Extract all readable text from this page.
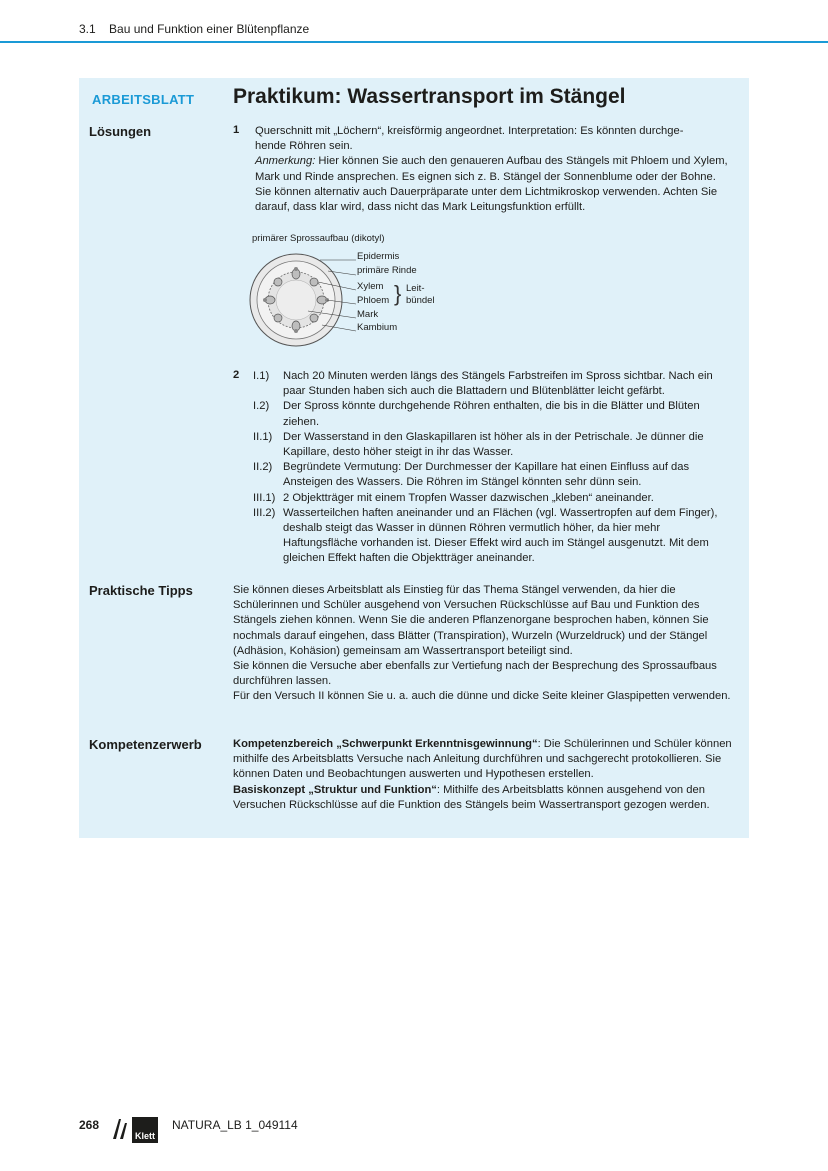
3.1 Bau und Funktion einer Blütenpflanze
ARBEITSBLATT Praktikum: Wassertransport im Stängel
Lösungen
Praktische Tipps
Kompetenzerwerb
1 Querschnitt mit „Löchern“, kreisförmig angeordnet. Interpretation: Es könnten durchge-

hende Röhren sein.

Anmerkung: Hier können Sie auch den genaueren Aufbau des Stängels mit Phloem und Xylem, Mark und Rinde ansprechen. Es eignen sich z. B. Stängel der Sonnenblume oder der Bohne. Sie können alternativ auch Dauerpräparate unter dem Lichtmikroskop verwenden. Achten Sie darauf, dass klar wird, dass nicht das Mark Leitungsfunktion erfüllt.

primärer Sprossaufbau (dikotyl)
Epidermis
primäre Rinde
Xylem
Phloem
Mark
Kambium
} Leit-
bündel
2 I.1)	Nach 20 Minuten werden längs des Stängels Farbstreifen im Spross sichtbar. Nach ein paar Stunden haben sich auch die Blattadern und Blütenblätter leicht gefärbt.
I.2)	Der Spross könnte durchgehende Röhren enthalten, die bis in die Blätter und Blüten ziehen.
II.1) Der Wasserstand in den Glaskapillaren ist höher als in der Petrischale. Je dünner die Kapillare, desto höher steigt in ihr das Wasser.
II.2) Begründete Vermutung: Der Durchmesser der Kapillare hat einen Einfluss auf das Ansteigen des Wassers. Die Röhren im Stängel könnten sehr dünn sein.
III.1) 2 Objektträger mit einem Tropfen Wasser dazwischen „kleben“ aneinander.
III.2) Wasserteilchen haften aneinander und an Flächen (vgl. Wassertropfen auf dem Finger), deshalb steigt das Wasser in dünnen Röhren vermutlich höher, da hier mehr Haftungsfläche vorhanden ist. Dieser Effekt wird auch im Stängel ausgenutzt. Mit dem gleichen Effekt haften die Objektträger aneinander.

Sie können dieses Arbeitsblatt als Einstieg für das Thema Stängel verwenden, da hier die Schülerinnen und Schüler ausgehend von Versuchen Rückschlüsse auf Bau und Funktion des Stängels ziehen können. Wenn Sie die anderen Pflanzenorgane besprochen haben, können Sie nochmals darauf eingehen, dass Blätter (Transpiration), Wurzeln (Wurzeldruck) und der Stängel (Adhäsion, Kohäsion) gemeinsam am Wassertransport beteiligt sind.

Sie können die Versuche aber ebenfalls zur Vertiefung nach der Besprechung des Sprossaufbaus durchführen lassen.

Für den Versuch II können Sie u. a. auch die dünne und dicke Seite kleiner Glaspipetten verwenden.

Kompetenzbereich „Schwerpunkt Erkenntnisgewinnung“: Die Schülerinnen und Schüler können mithilfe des Arbeitsblatts Versuche nach Anleitung durchführen und sachgerecht protokollieren. Sie können Daten und Beobachtungen auswerten und Hypothesen erstellen.

Basiskonzept „Struktur und Funktion“: Mithilfe des Arbeitsblatts können ausgehend von den Versuchen Rückschlüsse auf die Funktion des Stängels beim Wassertransport gezogen werden.

268
Klett
NATURA_LB 1_049114
